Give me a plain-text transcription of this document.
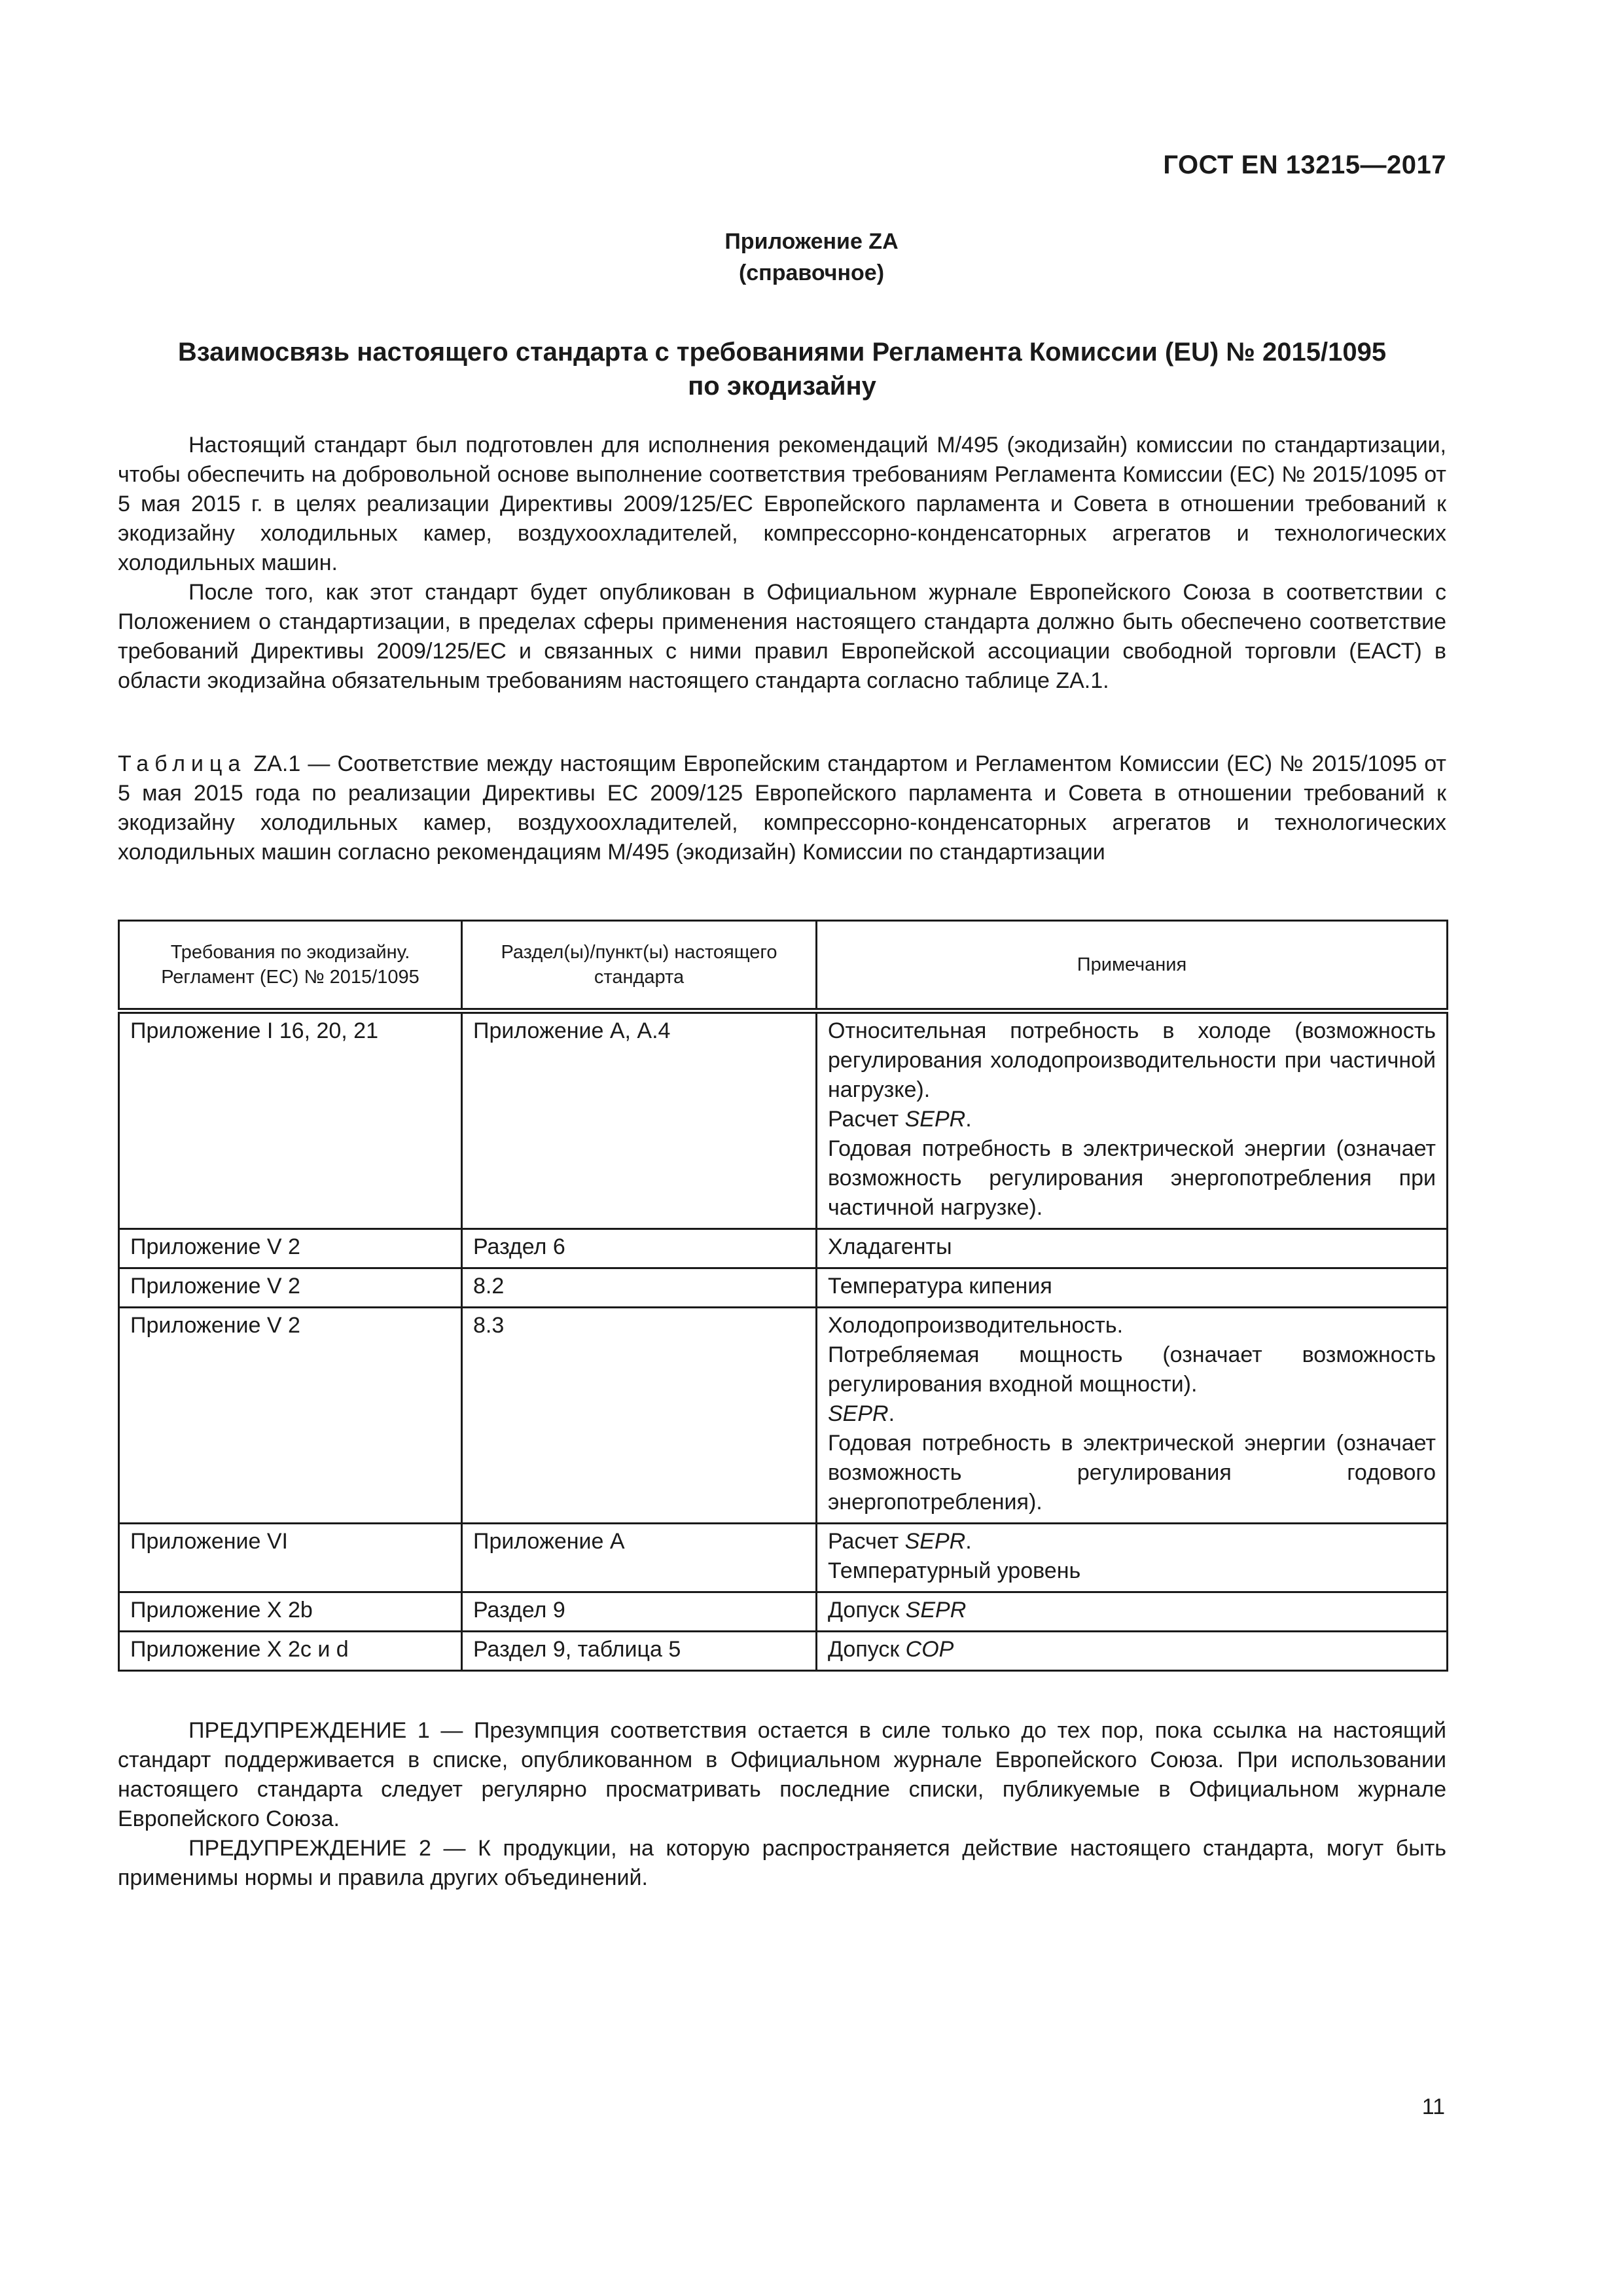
ГОСТ EN 13215—2017
Приложение ZA
(справочное)
Взаимосвязь настоящего стандарта с требованиями Регламента Комиссии (EU) № 2015/1095
по экодизайну

Настоящий стандарт был подготовлен для исполнения рекомендаций М/495 (экодизайн) комиссии по стандартизации, чтобы обеспечить на добровольной основе выполнение соответствия требованиям Регламента Комиссии (ЕС) № 2015/1095 от 5 мая 2015 г. в целях реализации Директивы 2009/125/ЕС Европейского парламента и Совета в отношении требований к экодизайну холодильных камер, воздухоохладителей, компрессорно-конденсаторных агрегатов и технологических холодильных машин.

После того, как этот стандарт будет опубликован в Официальном журнале Европейского Союза в соответствии с Положением о стандартизации, в пределах сферы применения настоящего стандарта должно быть обеспечено соответствие требований Директивы 2009/125/ЕС и связанных с ними правил Европейской ассоциации свободной торговли (ЕАСТ) в области экодизайна обязательным требованиям настоящего стандарта согласно таблице ZA.1.

Таблица ZA.1 — Соответствие между настоящим Европейским стандартом и Регламентом Комиссии (ЕС) № 2015/1095 от 5 мая 2015 года по реализации Директивы ЕС 2009/125 Европейского парламента и Совета в отношении требований к экодизайну холодильных камер, воздухоохладителей, компрессорно-конденсаторных агрегатов и технологических холодильных машин согласно рекомендациям М/495 (экодизайн) Комиссии по стандартизации
Требования по экодизайну. Регламент (ЕС) № 2015/1095	Раздел(ы)/пункт(ы) настоящего стандарта	Примечания
Приложение I 16, 20, 21	Приложение А, А.4	Относительная потребность в холоде (возможность регулирования холодопроизводительности при частичной нагрузке).
Расчет SEPR.
Годовая потребность в электрической энергии (означает возможность регулирования энергопотребления при частичной нагрузке).

Приложение V 2	Раздел 6	Хладагенты
Приложение V 2	8.2	Температура кипения
Приложение V 2	8.3	Холодопроизводительность.
Потребляемая мощность (означает возможность регулирования входной мощности).
SEPR.
Годовая потребность в электрической энергии (означает возможность регулирования годового энергопотребления).

Приложение VI	Приложение А	Расчет SEPR.
Температурный уровень

Приложение X 2b	Раздел 9	Допуск SEPR
Приложение X 2c и d	Раздел 9, таблица 5	Допуск COP

ПРЕДУПРЕЖДЕНИЕ 1 — Презумпция соответствия остается в силе только до тех пор, пока ссылка на настоящий стандарт поддерживается в списке, опубликованном в Официальном журнале Европейского Союза. При использовании настоящего стандарта следует регулярно просматривать последние списки, публикуемые в Официальном журнале Европейского Союза.

ПРЕДУПРЕЖДЕНИЕ 2 — К продукции, на которую распространяется действие настоящего стандарта, могут быть применимы нормы и правила других объединений.

11
